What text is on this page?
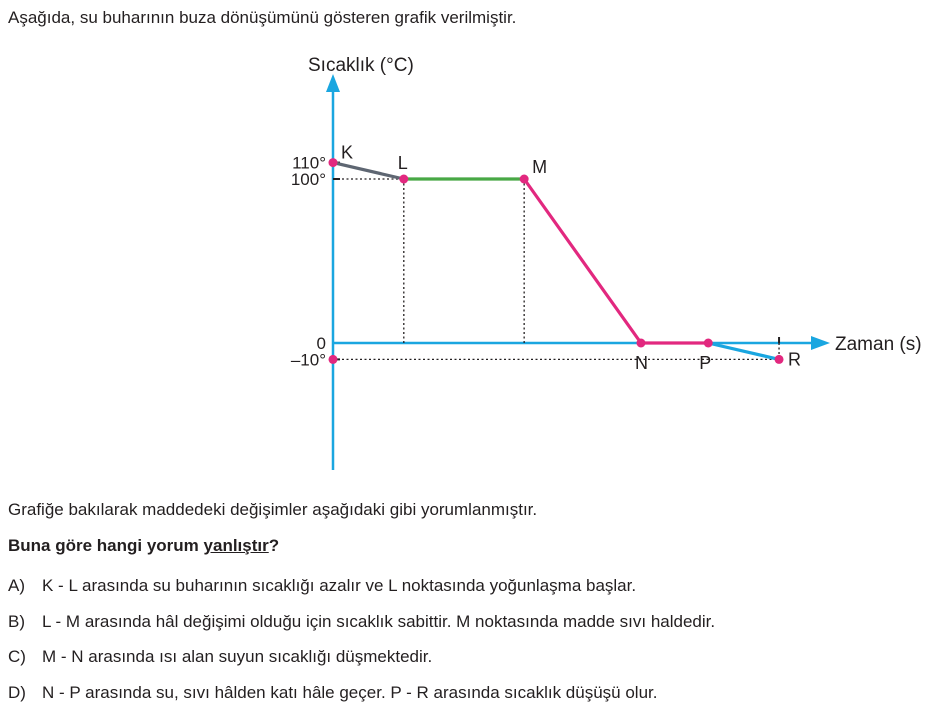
Aşağıda, su buharının buza dönüşümünü gösteren grafik verilmiştir.
Sıcaklık (°C)
Zaman (s)
110°
100°
0
–10°
K
L	M
N	P	R
Grafiğe bakılarak maddedeki değişimler aşağıdaki gibi yorumlanmıştır.
Buna göre hangi yorum yanlıştır?
A) K - L arasında su buharının sıcaklığı azalır ve L noktasında yoğunlaşma başlar.
B) L - M arasında hâl değişimi olduğu için sıcaklık sabittir. M noktasında madde sıvı haldedir.
C) M - N arasında ısı alan suyun sıcaklığı düşmektedir.
D) N - P arasında su, sıvı hâlden katı hâle geçer. P - R arasında sıcaklık düşüşü olur.
